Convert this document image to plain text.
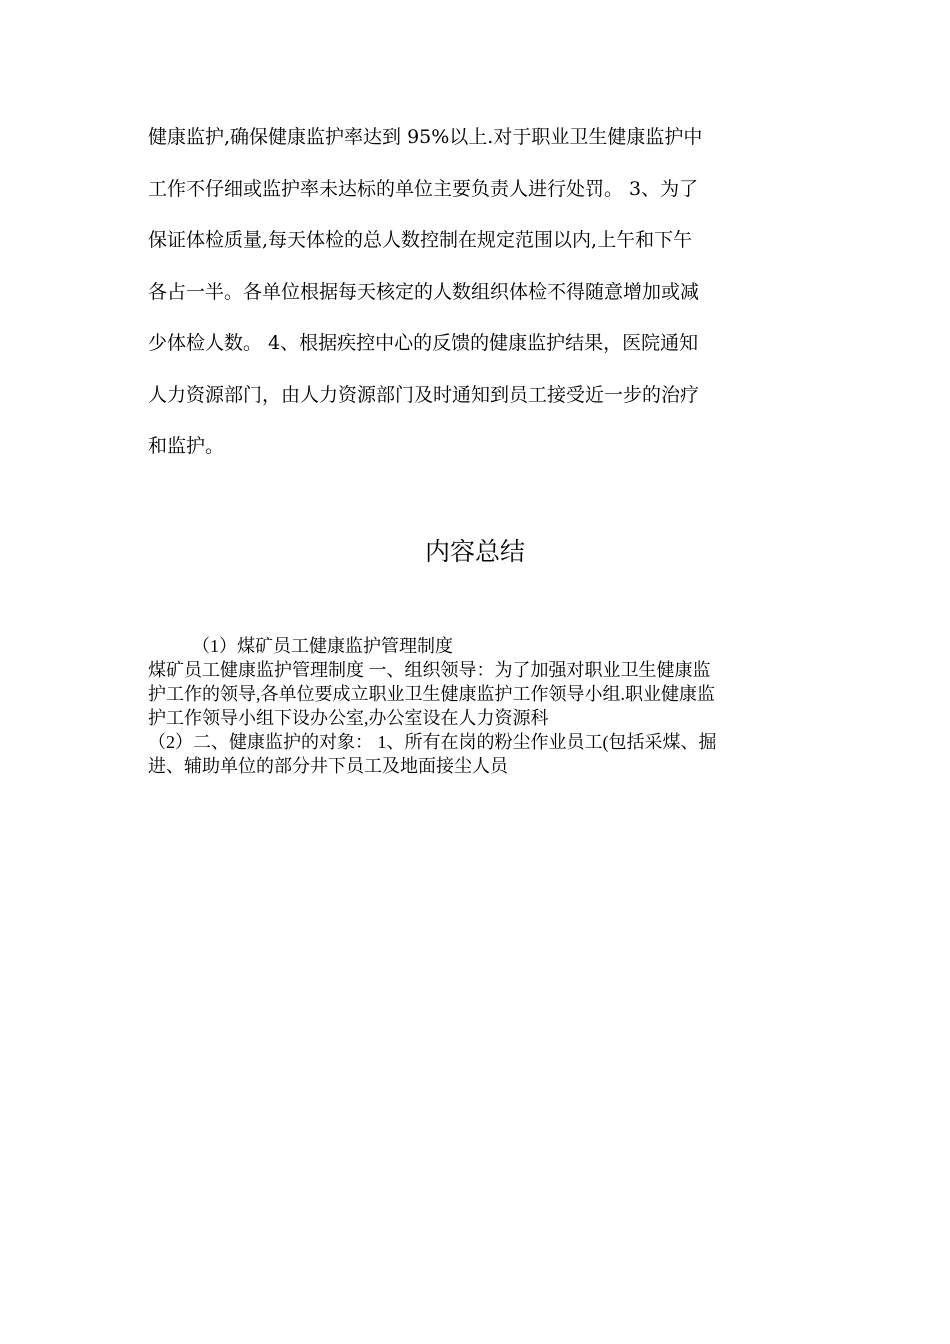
健康监护,确保健康监护率达到 95%以上.对于职业卫生健康监护中
工作不仔细或监护率未达标的单位主要负责人进行处罚。 3、为了
保证体检质量,每天体检的总人数控制在规定范围以内,上午和下午
各占一半。各单位根据每天核定的人数组织体检不得随意增加或减
少体检人数。 4、根据疾控中心的反馈的健康监护结果，医院通知
人力资源部门，由人力资源部门及时通知到员工接受近一步的治疗
和监护。
内容总结
（1）煤矿员工健康监护管理制度
煤矿员工健康监护管理制度 一、组织领导：为了加强对职业卫生健康监
护工作的领导,各单位要成立职业卫生健康监护工作领导小组.职业健康监
护工作领导小组下设办公室,办公室设在人力资源科
（2）二、健康监护的对象： 1、所有在岗的粉尘作业员工(包括采煤、掘
进、辅助单位的部分井下员工及地面接尘人员
